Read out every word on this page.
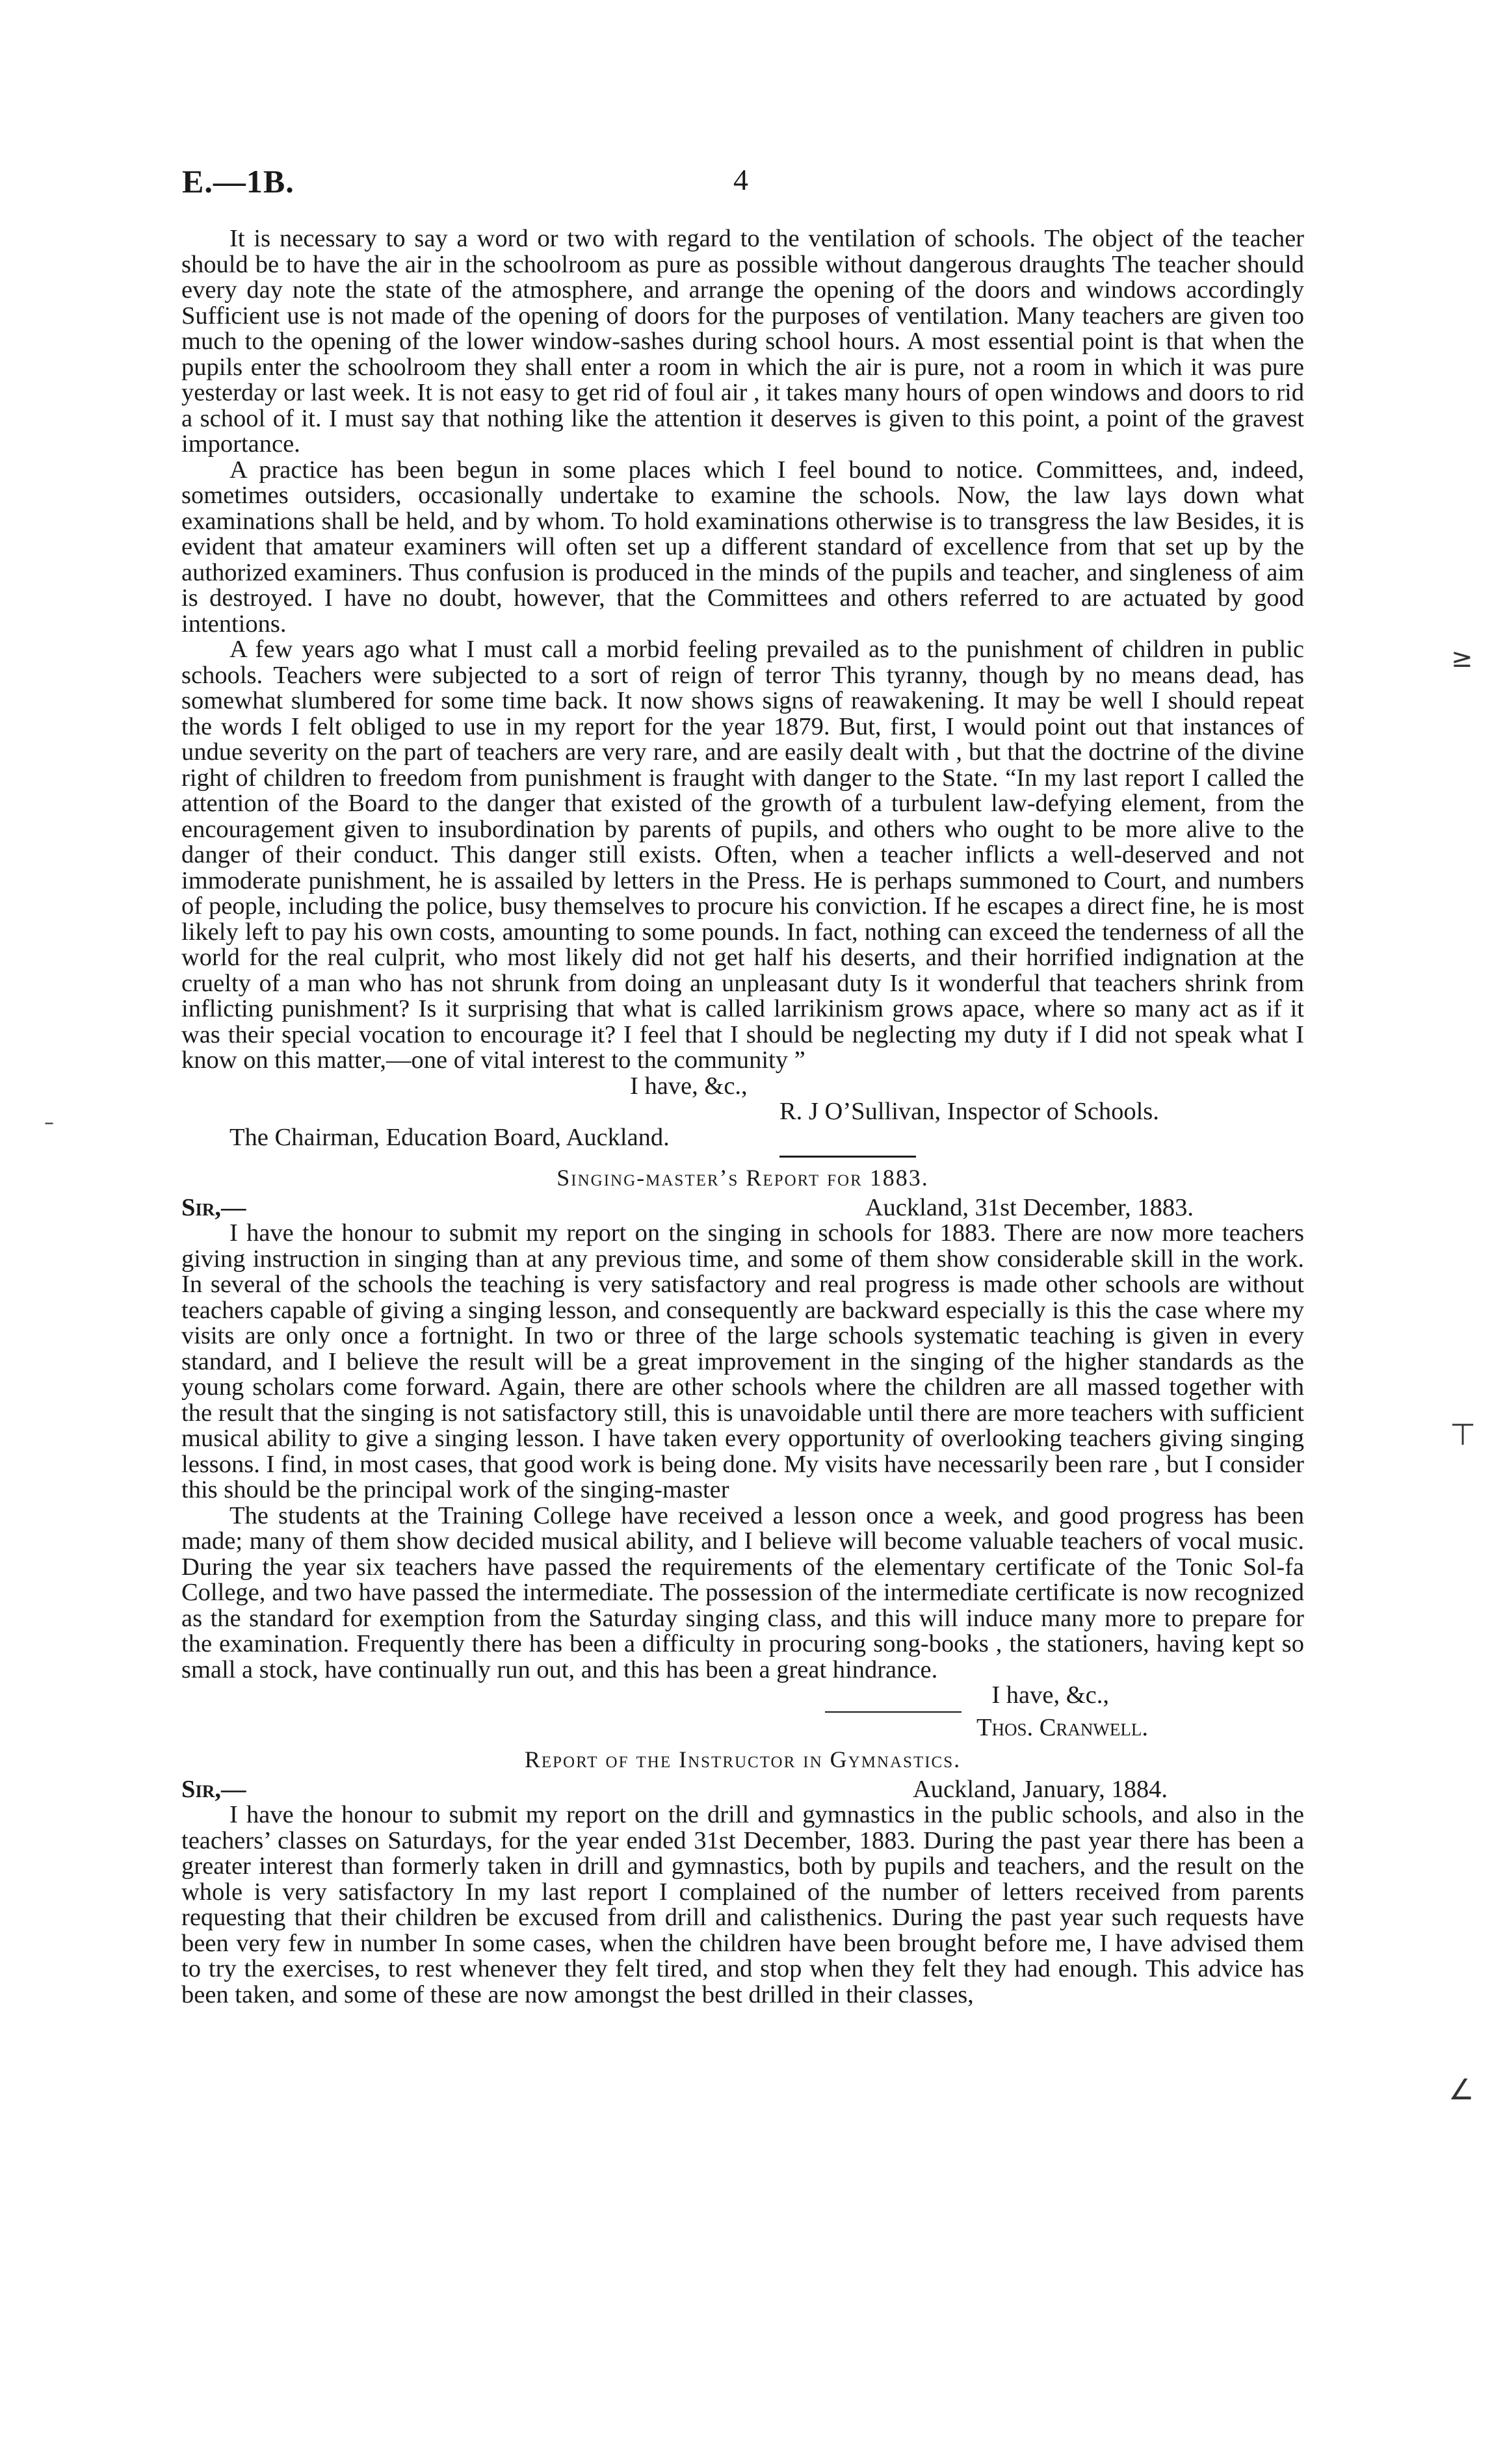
E.—1B.	4

It is necessary to say a word or two with regard to the ventilation of schools. The object of the teacher should be to have the air in the schoolroom as pure as possible without dangerous draughts The teacher should every day note the state of the atmosphere, and arrange the opening of the doors and windows accordingly Sufficient use is not made of the opening of doors for the purposes of ventilation. Many teachers are given too much to the opening of the lower window-sashes during school hours. A most essential point is that when the pupils enter the schoolroom they shall enter a room in which the air is pure, not a room in which it was pure yesterday or last week. It is not easy to get rid of foul air , it takes many hours of open windows and doors to rid a school of it. I must say that nothing like the attention it deserves is given to this point, a point of the gravest importance.

A practice has been begun in some places which I feel bound to notice. Committees, and, indeed, sometimes outsiders, occasionally undertake to examine the schools. Now, the law lays down what examinations shall be held, and by whom. To hold examinations otherwise is to transgress the law Besides, it is evident that amateur examiners will often set up a different standard of excellence from that set up by the authorized examiners. Thus confusion is produced in the minds of the pupils and teacher, and singleness of aim is destroyed. I have no doubt, however, that the Committees and others referred to are actuated by good intentions.

A few years ago what I must call a morbid feeling prevailed as to the punishment of children in public schools. Teachers were subjected to a sort of reign of terror This tyranny, though by no means dead, has somewhat slumbered for some time back. It now shows signs of reawakening. It may be well I should repeat the words I felt obliged to use in my report for the year 1879. But, first, I would point out that instances of undue severity on the part of teachers are very rare, and are easily dealt with , but that the doctrine of the divine right of children to freedom from punishment is fraught with danger to the State. “In my last report I called the attention of the Board to the danger that existed of the growth of a turbulent law-defying element, from the encouragement given to insubordination by parents of pupils, and others who ought to be more alive to the danger of their conduct. This danger still exists. Often, when a teacher inflicts a well-deserved and not immoderate punishment, he is assailed by letters in the Press. He is perhaps summoned to Court, and numbers of people, including the police, busy themselves to procure his conviction. If he escapes a direct fine, he is most likely left to pay his own costs, amounting to some pounds. In fact, nothing can exceed the tenderness of all the world for the real culprit, who most likely did not get half his deserts, and their horrified indignation at the cruelty of a man who has not shrunk from doing an unpleasant duty Is it wonderful that teachers shrink from inflicting punishment? Is it surprising that what is called larrikinism grows apace, where so many act as if it was their special vocation to encourage it? I feel that I should be neglecting my duty if I did not speak what I know on this matter,—one of vital interest to the community ”

I have, &c.,
R. J O’Sullivan, Inspector of Schools.
The Chairman, Education Board, Auckland.
Singing-master’s Report for 1883.
Sir,—	Auckland, 31st December, 1883.

I have the honour to submit my report on the singing in schools for 1883. There are now more teachers giving instruction in singing than at any previous time, and some of them show considerable skill in the work. In several of the schools the teaching is very satisfactory and real progress is made other schools are without teachers capable of giving a singing lesson, and consequently are backward especially is this the case where my visits are only once a fortnight. In two or three of the large schools systematic teaching is given in every standard, and I believe the result will be a great improvement in the singing of the higher standards as the young scholars come forward. Again, there are other schools where the children are all massed together with the result that the singing is not satisfactory still, this is unavoidable until there are more teachers with sufficient musical ability to give a singing lesson. I have taken every opportunity of overlooking teachers giving singing lessons. I find, in most cases, that good work is being done. My visits have necessarily been rare , but I consider this should be the principal work of the singing-master

The students at the Training College have received a lesson once a week, and good progress has been made; many of them show decided musical ability, and I believe will become valuable teachers of vocal music. During the year six teachers have passed the requirements of the elementary certificate of the Tonic Sol-fa College, and two have passed the intermediate. The possession of the intermediate certificate is now recognized as the standard for exemption from the Saturday singing class, and this will induce many more to prepare for the examination. Frequently there has been a difficulty in procuring song-books , the stationers, having kept so small a stock, have continually run out, and this has been a great hindrance.

I have, &c.,
Thos. Cranwell.
Report of the Instructor in Gymnastics.
Sir,—	Auckland, January, 1884.

I have the honour to submit my report on the drill and gymnastics in the public schools, and also in the teachers’ classes on Saturdays, for the year ended 31st December, 1883. During the past year there has been a greater interest than formerly taken in drill and gymnastics, both by pupils and teachers, and the result on the whole is very satisfactory In my last report I complained of the number of letters received from parents requesting that their children be excused from drill and calisthenics. During the past year such requests have been very few in number In some cases, when the children have been brought before me, I have advised them to try the exercises, to rest whenever they felt tired, and stop when they felt they had enough. This advice has been taken, and some of these are now amongst the best drilled in their classes,

≥
⊤
∠
–
